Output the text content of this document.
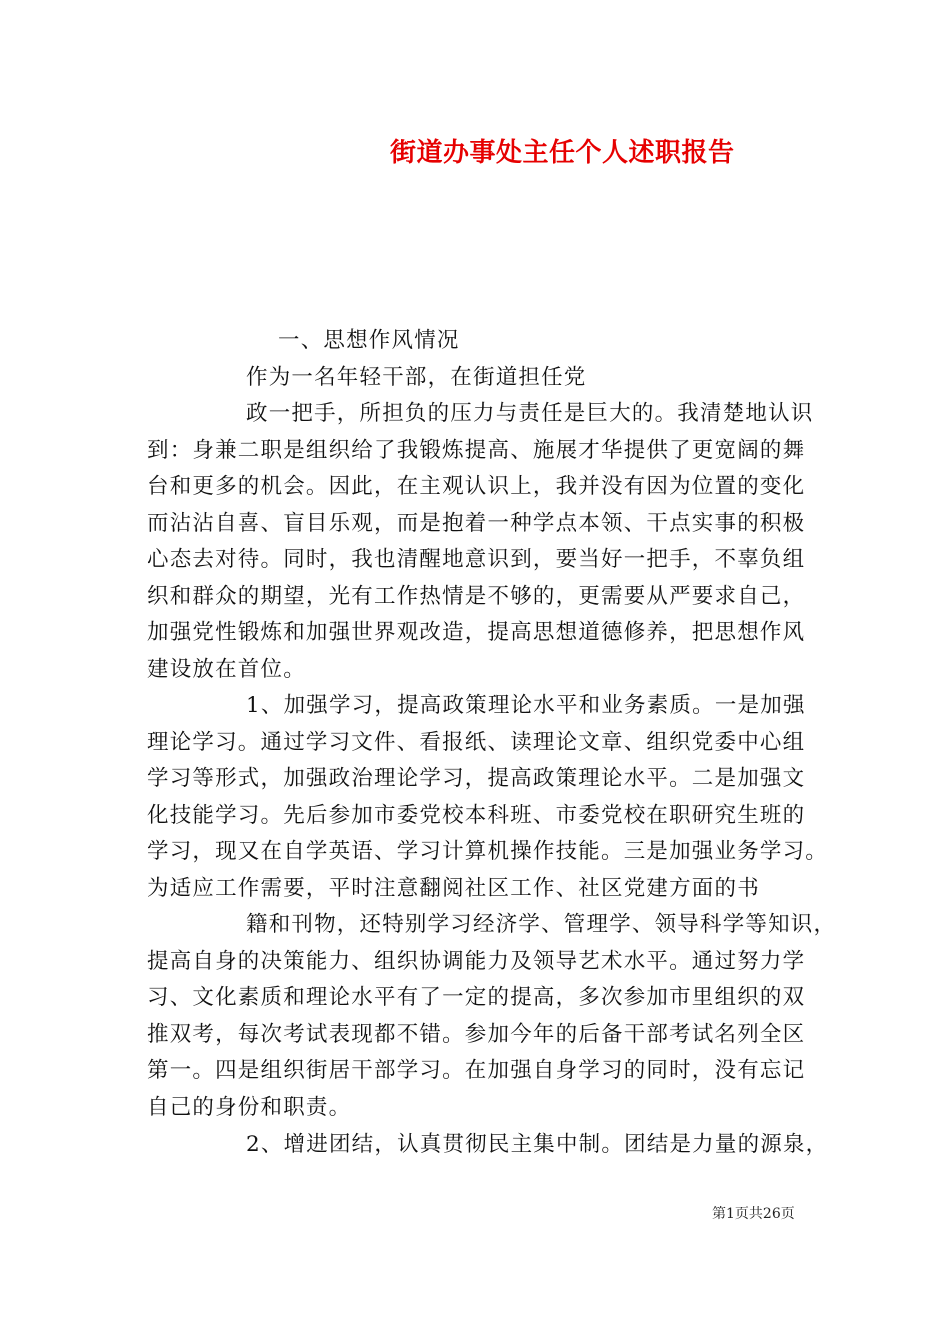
街道办事处主任个人述职报告
一、思想作风情况
作为一名年轻干部，在街道担任党
政一把手，所担负的压力与责任是巨大的。我清楚地认识
到：身兼二职是组织给了我锻炼提高、施展才华提供了更宽阔的舞
台和更多的机会。因此，在主观认识上，我并没有因为位置的变化
而沾沾自喜、盲目乐观，而是抱着一种学点本领、干点实事的积极
心态去对待。同时，我也清醒地意识到，要当好一把手，不辜负组
织和群众的期望，光有工作热情是不够的，更需要从严要求自己，
加强党性锻炼和加强世界观改造，提高思想道德修养，把思想作风
建设放在首位。
1、加强学习，提高政策理论水平和业务素质。一是加强
理论学习。通过学习文件、看报纸、读理论文章、组织党委中心组
学习等形式，加强政治理论学习，提高政策理论水平。二是加强文
化技能学习。先后参加市委党校本科班、市委党校在职研究生班的
学习，现又在自学英语、学习计算机操作技能。三是加强业务学习。
为适应工作需要，平时注意翻阅社区工作、社区党建方面的书
籍和刊物，还特别学习经济学、管理学、领导科学等知识，
提高自身的决策能力、组织协调能力及领导艺术水平。通过努力学
习、文化素质和理论水平有了一定的提高，多次参加市里组织的双
推双考，每次考试表现都不错。参加今年的后备干部考试名列全区
第一。四是组织街居干部学习。在加强自身学习的同时，没有忘记
自己的身份和职责。
2、增进团结，认真贯彻民主集中制。团结是力量的源泉，
第1页共26页
